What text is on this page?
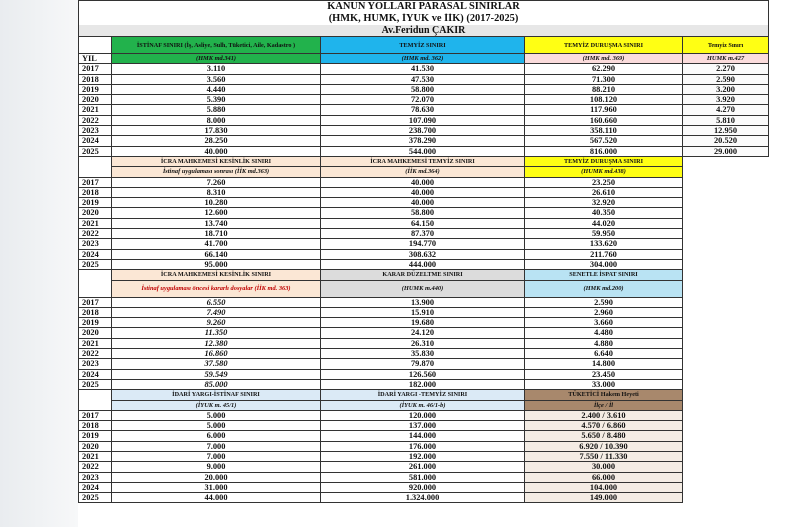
KANUN YOLLARI PARASAL SINIRLAR				
(HMK, HUMK, İYUK ve İİK) (2017-2025)				
Av.Feridun ÇAKIR				
	İSTİNAF SINIRI (İş, Asliye, Sulh, Tüketici, Aile, Kadastro )	TEMYİZ SINIRI	TEMYİZ DURUŞMA SINIRI	Temyiz Sınırı
YIL	(HMK md.341)	(HMK md. 362)	(HMK md. 369)	HUMK m.427
2017	3.110	41.530	62.290	2.270
2018	3.560	47.530	71.300	2.590
2019	4.440	58.800	88.210	3.200
2020	5.390	72.070	108.120	3.920
2021	5.880	78.630	117.960	4.270
2022	8.000	107.090	160.660	5.810
2023	17.830	238.700	358.110	12.950
2024	28.250	378.290	567.520	20.520
2025	40.000	544.000	816.000	29.000
	İCRA MAHKEMESİ KESİNLİK SINIRI	İCRA MAHKEMESİ TEMYİZ SINIRI	TEMYİZ DURUŞMA SINIRI	
	İstinaf uygulaması sonrası (İİK md.363)	(İİK md.364)	(HUMK md.438)	
2017	7.260	40.000	23.250	
2018	8.310	40.000	26.610	
2019	10.280	40.000	32.920	
2020	12.600	58.800	40.350	
2021	13.740	64.150	44.020	
2022	18.710	87.370	59.950	
2023	41.700	194.770	133.620	
2024	66.140	308.632	211.760	
2025	95.000	444.000	304.000	
	İCRA MAHKEMESİ KESİNLİK SINIRI	KARAR DÜZELTME SINIRI	SENETLE İSPAT SINIRI	
	İstinaf uygulaması öncesi kararlı dosyalar (İİK md. 363)	(HUMK m.440)	(HMK md.200)	
2017	6.550	13.900	2.590	
2018	7.490	15.910	2.960	
2019	9.260	19.680	3.660	
2020	11.350	24.120	4.480	
2021	12.380	26.310	4.880	
2022	16.860	35.830	6.640	
2023	37.580	79.870	14.800	
2024	59.549	126.560	23.450	
2025	85.000	182.000	33.000	
	İDARİ YARGI-İSTİNAF SINIRI	İDARİ YARGI -TEMYİZ SINIRI	TÜKETİCİ Hakem Heyeti	
	(İYUK m. 45/1)	(İYUK m. 46/1-b)	İlçe / İl	
2017	5.000	120.000	2.400 / 3.610	
2018	5.000	137.000	4.570 / 6.860	
2019	6.000	144.000	5.650 / 8.480	
2020	7.000	176.000	6.920 / 10.390	
2021	7.000	192.000	7.550 / 11.330	
2022	9.000	261.000	30.000	
2023	20.000	581.000	66.000	
2024	31.000	920.000	104.000	
2025	44.000	1.324.000	149.000	
